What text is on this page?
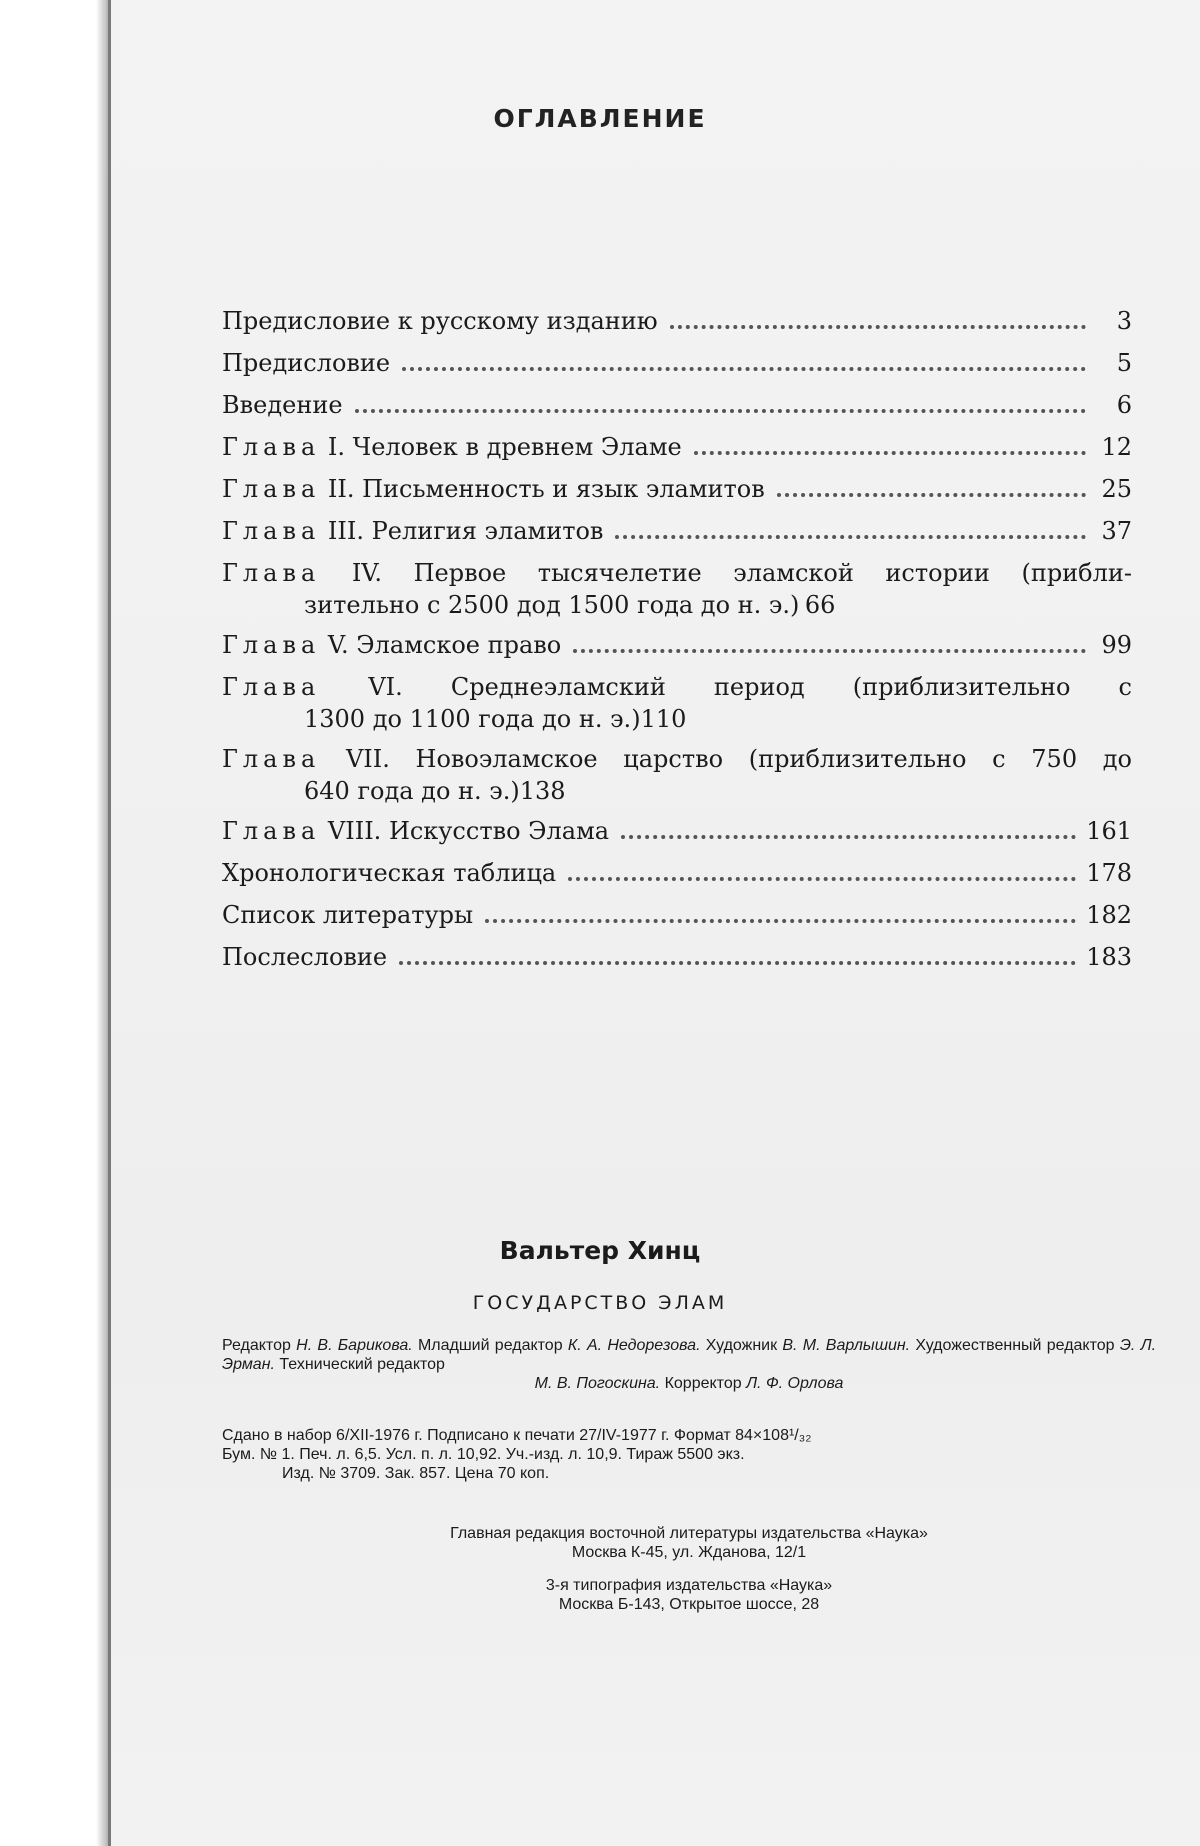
ОГЛАВЛЕНИЕ
Предисловие к русскому изданию	3
Предисловие	5
Введение	6
Глава I. Человек в древнем Эламе	12
Глава II. Письменность и язык эламитов	25
Глава III. Религия эламитов	37
Глава IV. Первое тысячелетие эламской истории (прибли-
зительно с 2500 дод 1500 года до н. э.) 66
Глава V. Эламское право	99
Глава VI. Среднеэламский период (приблизительно с
1300 до 1100 года до н. э.) 110
Глава VII. Новоэламское царство (приблизительно с 750 до
640 года до н. э.) 138
Глава VIII. Искусство Элама	161
Хронологическая таблица	178
Список литературы	182
Послесловие	183
Вальтер Хинц
ГОСУДАРСТВО ЭЛАМ
Редактор Н. В. Барикова. Младший редактор К. А. Недорезова. Художник В. М. Варлышин. Художественный редактор Э. Л. Эрман. Технический редактор
М. В. Погоскина. Корректор Л. Ф. Орлова
Сдано в набор 6/XII-1976 г. Подписано к печати 27/IV-1977 г. Формат 84×108¹/₃₂
Бум. № 1. Печ. л. 6,5. Усл. п. л. 10,92. Уч.-изд. л. 10,9. Тираж 5500 экз.
Изд. № 3709. Зак. 857. Цена 70 коп.
Главная редакция восточной литературы издательства «Наука»
Москва К-45, ул. Жданова, 12/1
3-я типография издательства «Наука»
Москва Б-143, Открытое шоссе, 28
